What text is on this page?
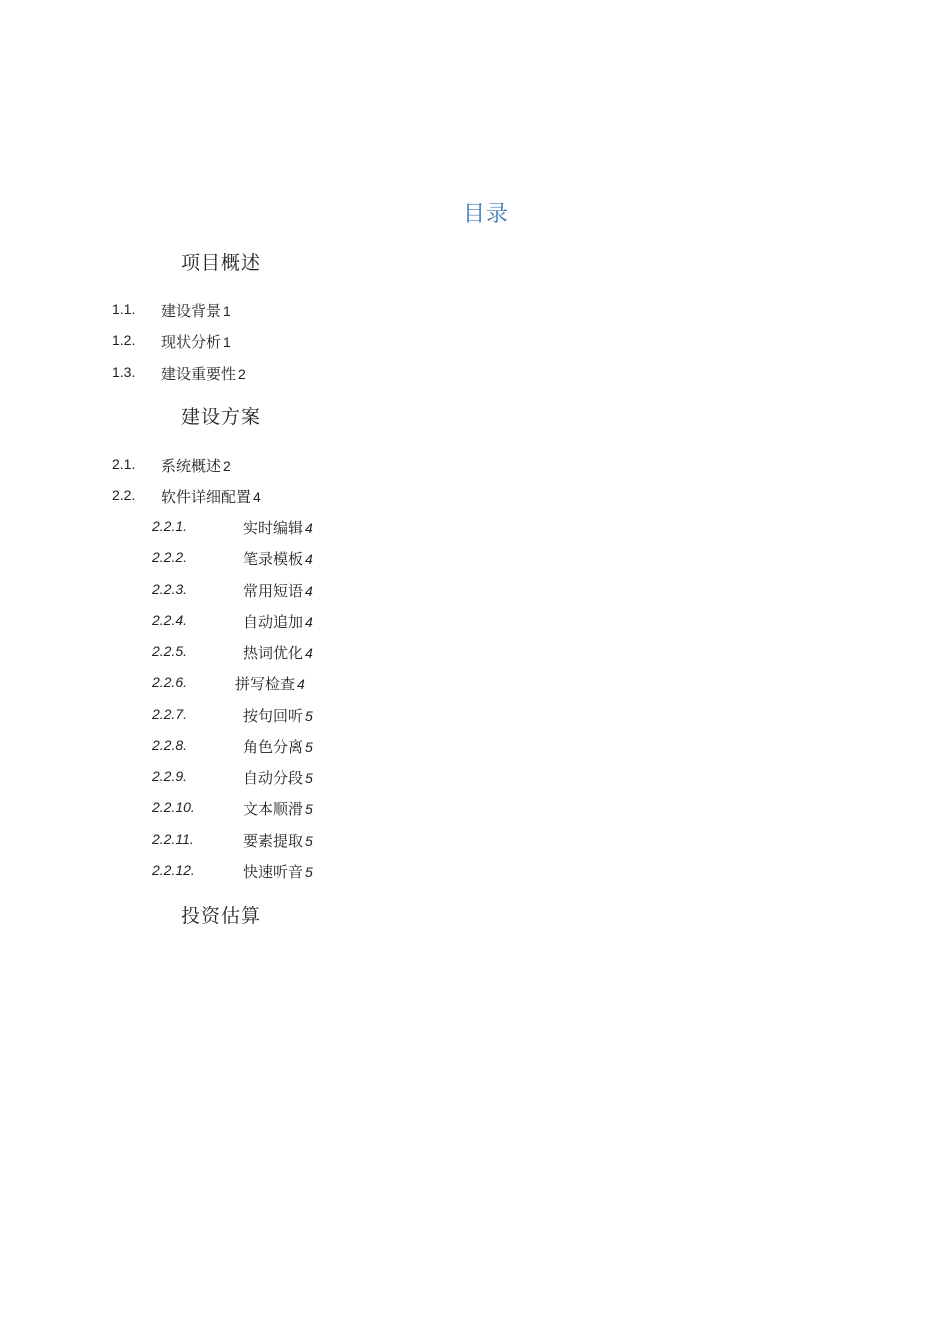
目录
项目概述
1.1. 建设背景 1
1.2. 现状分析 1
1.3. 建设重要性 2
建设方案
2.1. 系统概述 2
2.2. 软件详细配置 4
2.2.1.	实时编辑 4
2.2.2.	笔录模板 4
2.2.3.	常用短语 4
2.2.4.	自动追加 4
2.2.5.	热词优化 4
2.2.6.	拼写检查 4
2.2.7.	按句回听 5
2.2.8.	角色分离 5
2.2.9.	自动分段 5
2.2.10.	文本顺滑 5
2.2.11.	要素提取 5
2.2.12.	快速听音 5
投资估算
